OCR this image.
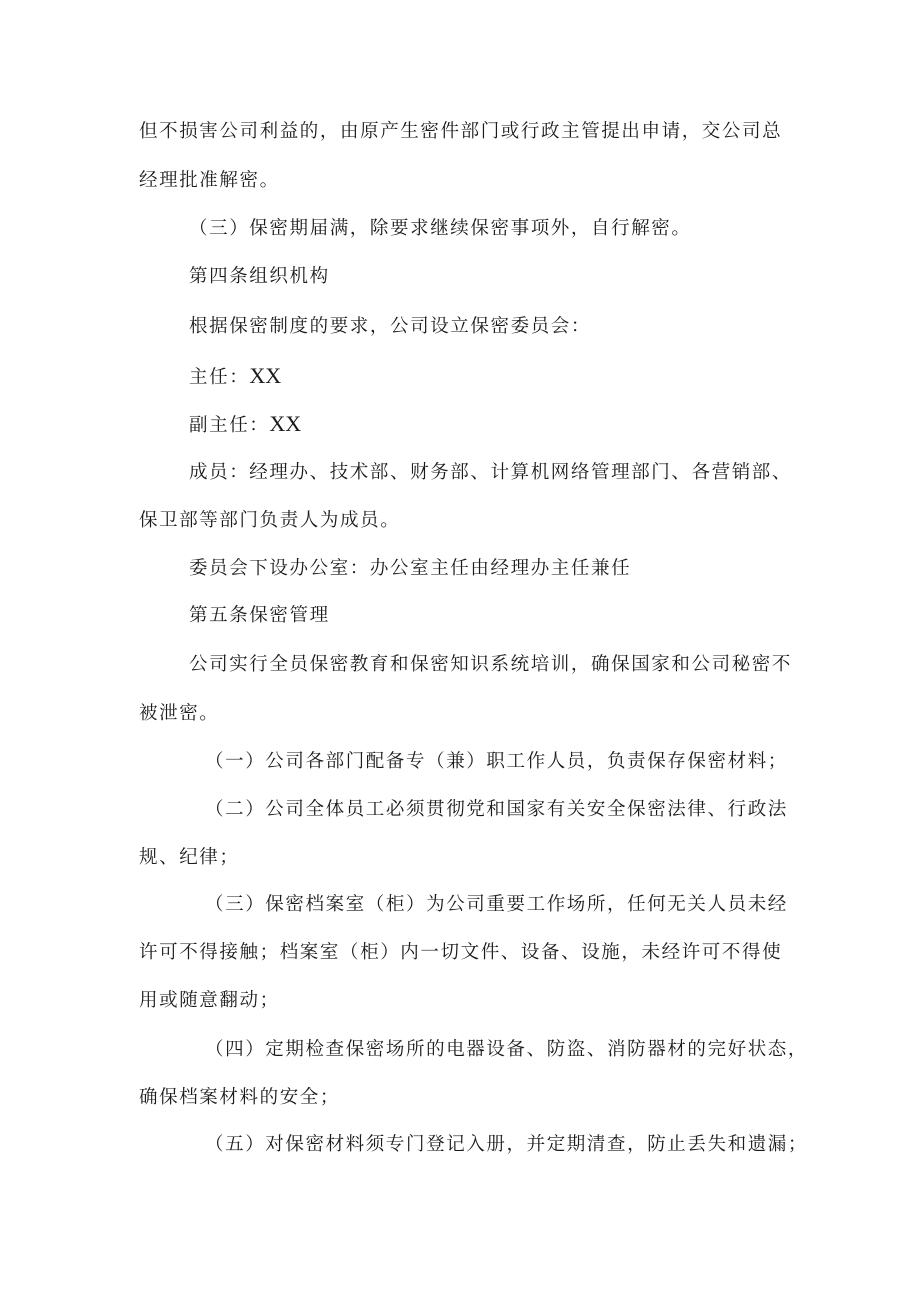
但不损害公司利益的，由原产生密件部门或行政主管提出申请，交公司总
经理批准解密。
（三）保密期届满，除要求继续保密事项外，自行解密。
第四条组织机构
根据保密制度的要求，公司设立保密委员会：
主任：XX
副主任：XX
成员：经理办、技术部、财务部、计算机网络管理部门、各营销部、
保卫部等部门负责人为成员。
委员会下设办公室：办公室主任由经理办主任兼任
第五条保密管理
公司实行全员保密教育和保密知识系统培训，确保国家和公司秘密不
被泄密。
（一）公司各部门配备专（兼）职工作人员，负责保存保密材料；
（二）公司全体员工必须贯彻党和国家有关安全保密法律、行政法
规、纪律；
（三）保密档案室（柜）为公司重要工作场所，任何无关人员未经
许可不得接触；档案室（柜）内一切文件、设备、设施，未经许可不得使
用或随意翻动；
（四）定期检查保密场所的电器设备、防盗、消防器材的完好状态，
确保档案材料的安全；
（五）对保密材料须专门登记入册，并定期清查，防止丢失和遗漏；
